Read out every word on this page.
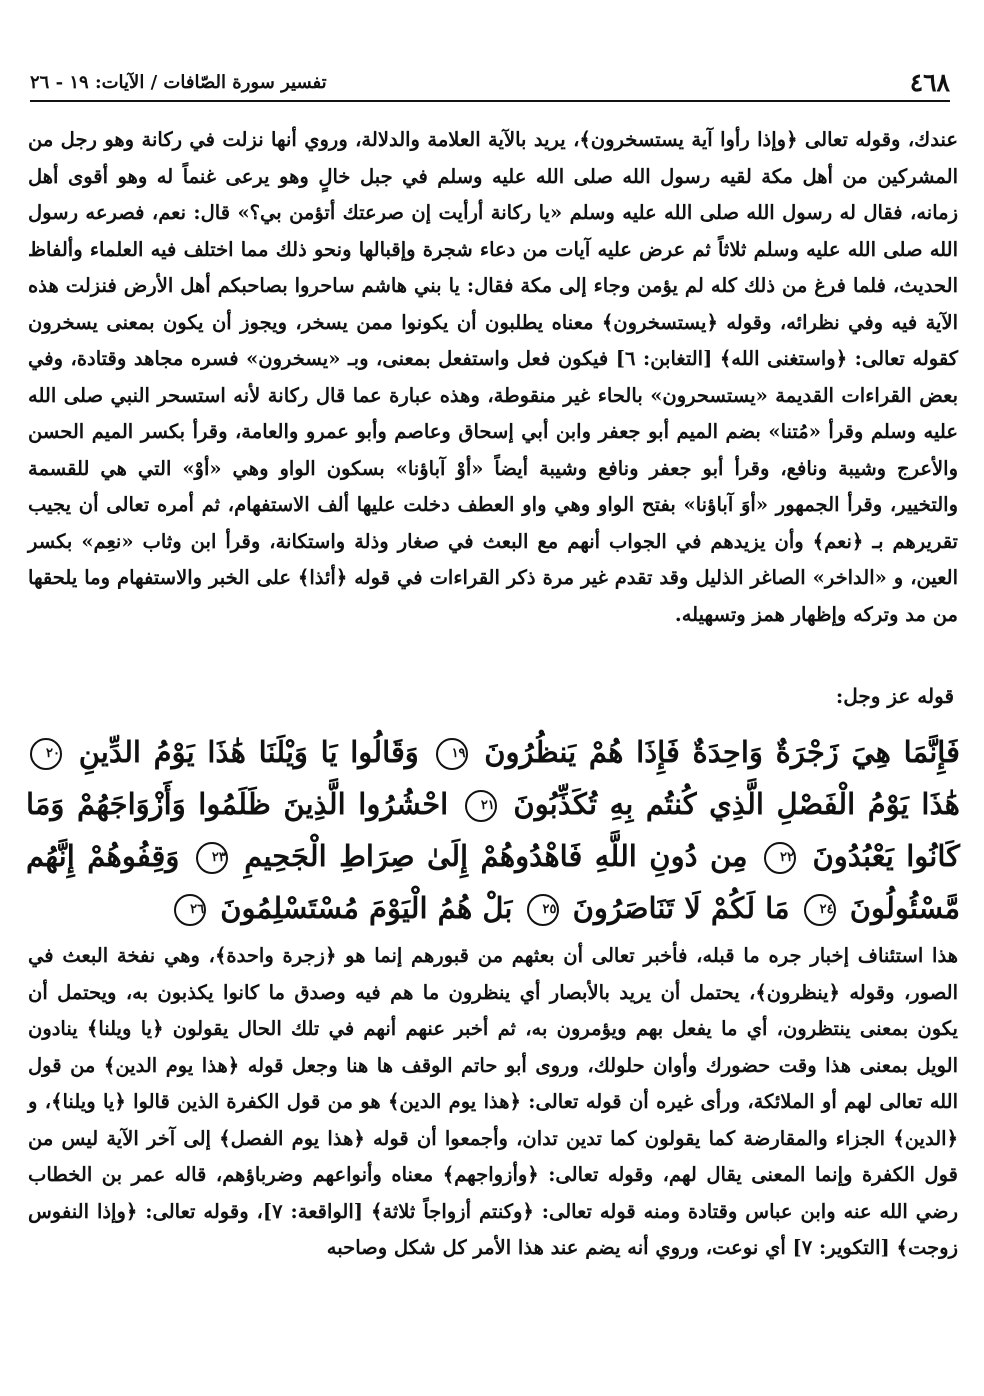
٤٦٨
تفسير سورة الصّافات / الآيات: ١٩ - ٢٦

عندك، وقوله تعالى ﴿وإذا رأوا آية يستسخرون﴾، يريد بالآية العلامة والدلالة، وروي أنها نزلت في ركانة وهو رجل من المشركين من أهل مكة لقيه رسول الله صلى الله عليه وسلم في جبل خالٍ وهو يرعى غنماً له وهو أقوى أهل زمانه، فقال له رسول الله صلى الله عليه وسلم «يا ركانة أرأيت إن صرعتك أتؤمن بي؟» قال: نعم، فصرعه رسول الله صلى الله عليه وسلم ثلاثاً ثم عرض عليه آيات من دعاء شجرة وإقبالها ونحو ذلك مما اختلف فيه العلماء وألفاظ الحديث، فلما فرغ من ذلك كله لم يؤمن وجاء إلى مكة فقال: يا بني هاشم ساحروا بصاحبكم أهل الأرض فنزلت هذه الآية فيه وفي نظرائه، وقوله ﴿يستسخرون﴾ معناه يطلبون أن يكونوا ممن يسخر، ويجوز أن يكون بمعنى يسخرون كقوله تعالى: ﴿واستغنى الله﴾ [التغابن: ٦] فيكون فعل واستفعل بمعنى، وبـ «يسخرون» فسره مجاهد وقتادة، وفي بعض القراءات القديمة «يستسحرون» بالحاء غير منقوطة، وهذه عبارة عما قال ركانة لأنه استسحر النبي صلى الله عليه وسلم وقرأ «مُتنا» بضم الميم أبو جعفر وابن أبي إسحاق وعاصم وأبو عمرو والعامة، وقرأ بكسر الميم الحسن والأعرج وشيبة ونافع، وقرأ أبو جعفر ونافع وشيبة أيضاً «أوْ آباؤنا» بسكون الواو وهي «أوْ» التي هي للقسمة والتخيير، وقرأ الجمهور «أوَ آباؤنا» بفتح الواو وهي واو العطف دخلت عليها ألف الاستفهام، ثم أمره تعالى أن يجيب تقريرهم بـ ﴿نعم﴾ وأن يزيدهم في الجواب أنهم مع البعث في صغار وذلة واستكانة، وقرأ ابن وثاب «نعِم» بكسر العين، و «الداخر» الصاغر الذليل وقد تقدم غير مرة ذكر القراءات في قوله ﴿أئذا﴾ على الخبر والاستفهام وما يلحقها من مد وتركه وإظهار همز وتسهيله.

قوله عز وجل:
فَإِنَّمَا هِيَ زَجْرَةٌ وَاحِدَةٌ فَإِذَا هُمْ يَنظُرُونَ ١٩ وَقَالُوا يَا وَيْلَنَا هَٰذَا يَوْمُ الدِّينِ ٢٠ هَٰذَا يَوْمُ الْفَصْلِ الَّذِي كُنتُم بِهِ تُكَذِّبُونَ ٢١ احْشُرُوا الَّذِينَ ظَلَمُوا وَأَزْوَاجَهُمْ وَمَا كَانُوا يَعْبُدُونَ ٢٢ مِن دُونِ اللَّهِ فَاهْدُوهُمْ إِلَىٰ صِرَاطِ الْجَحِيمِ ٢٣ وَقِفُوهُمْ إِنَّهُم مَّسْئُولُونَ ٢٤ مَا لَكُمْ لَا تَنَاصَرُونَ ٢٥ بَلْ هُمُ الْيَوْمَ مُسْتَسْلِمُونَ ٢٦

هذا استئناف إخبار جره ما قبله، فأخبر تعالى أن بعثهم من قبورهم إنما هو ﴿زجرة واحدة﴾، وهي نفخة البعث في الصور، وقوله ﴿ينظرون﴾، يحتمل أن يريد بالأبصار أي ينظرون ما هم فيه وصدق ما كانوا يكذبون به، ويحتمل أن يكون بمعنى ينتظرون، أي ما يفعل بهم ويؤمرون به، ثم أخبر عنهم أنهم في تلك الحال يقولون ﴿يا ويلنا﴾ ينادون الويل بمعنى هذا وقت حضورك وأوان حلولك، وروى أبو حاتم الوقف ها هنا وجعل قوله ﴿هذا يوم الدين﴾ من قول الله تعالى لهم أو الملائكة، ورأى غيره أن قوله تعالى: ﴿هذا يوم الدين﴾ هو من قول الكفرة الذين قالوا ﴿يا ويلنا﴾، و ﴿الدين﴾ الجزاء والمقارضة كما يقولون كما تدين تدان، وأجمعوا أن قوله ﴿هذا يوم الفصل﴾ إلى آخر الآية ليس من قول الكفرة وإنما المعنى يقال لهم، وقوله تعالى: ﴿وأزواجهم﴾ معناه وأنواعهم وضرباؤهم، قاله عمر بن الخطاب رضي الله عنه وابن عباس وقتادة ومنه قوله تعالى: ﴿وكنتم أزواجاً ثلاثة﴾ [الواقعة: ٧]، وقوله تعالى: ﴿وإذا النفوس زوجت﴾ [التكوير: ٧] أي نوعت، وروي أنه يضم عند هذا الأمر كل شكل وصاحبه
